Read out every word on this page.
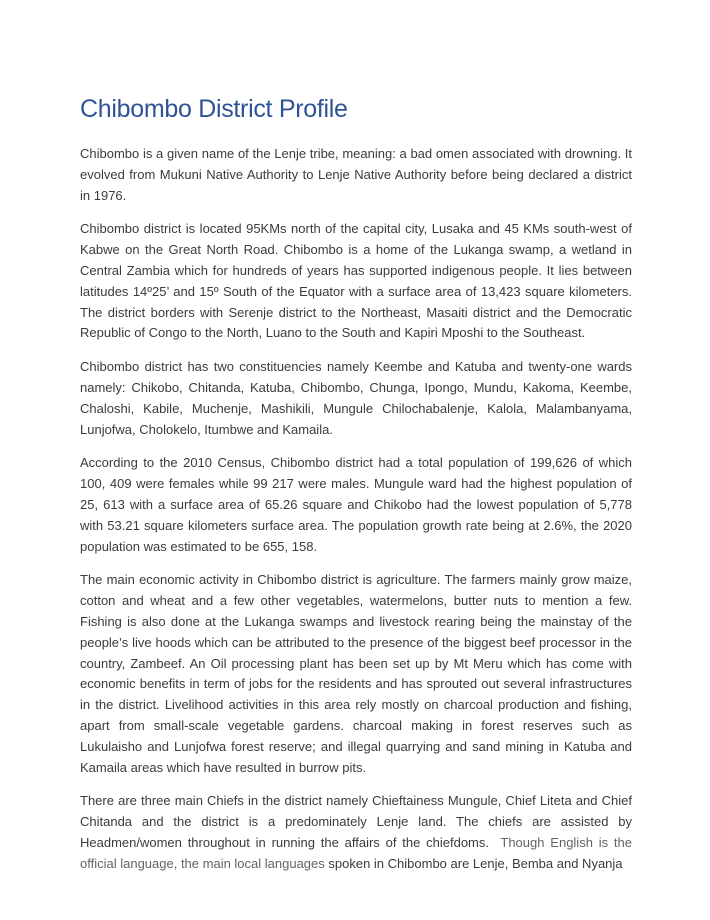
Chibombo District Profile

Chibombo is a given name of the Lenje tribe, meaning: a bad omen associated with drowning. It evolved from Mukuni Native Authority to Lenje Native Authority before being declared a district in 1976.

Chibombo district is located 95KMs north of the capital city, Lusaka and 45 KMs south-west of Kabwe on the Great North Road. Chibombo is a home of the Lukanga swamp, a wetland in Central Zambia which for hundreds of years has supported indigenous people. It lies between latitudes 14º25’ and 15º South of the Equator with a surface area of 13,423 square kilometers. The district borders with Serenje district to the Northeast, Masaiti district and the Democratic Republic of Congo to the North, Luano to the South and Kapiri Mposhi to the Southeast.

Chibombo district has two constituencies namely Keembe and Katuba and twenty-one wards namely: Chikobo, Chitanda, Katuba, Chibombo, Chunga, Ipongo, Mundu, Kakoma, Keembe, Chaloshi, Kabile, Muchenje, Mashikili, Mungule Chilochabalenje, Kalola, Malambanyama, Lunjofwa, Cholokelo, Itumbwe and Kamaila.

According to the 2010 Census, Chibombo district had a total population of 199,626 of which 100, 409 were females while 99 217 were males. Mungule ward had the highest population of 25, 613 with a surface area of 65.26 square and Chikobo had the lowest population of 5,778 with 53.21 square kilometers surface area. The population growth rate being at 2.6%, the 2020 population was estimated to be 655, 158.

The main economic activity in Chibombo district is agriculture. The farmers mainly grow maize, cotton and wheat and a few other vegetables, watermelons, butter nuts to mention a few. Fishing is also done at the Lukanga swamps and livestock rearing being the mainstay of the people’s live hoods which can be attributed to the presence of the biggest beef processor in the country, Zambeef. An Oil processing plant has been set up by Mt Meru which has come with economic benefits in term of jobs for the residents and has sprouted out several infrastructures in the district. Livelihood activities in this area rely mostly on charcoal production and fishing, apart from small-scale vegetable gardens. charcoal making in forest reserves such as Lukulaisho and Lunjofwa forest reserve; and illegal quarrying and sand mining in Katuba and Kamaila areas which have resulted in burrow pits.

There are three main Chiefs in the district namely Chieftainess Mungule, Chief Liteta and Chief Chitanda and the district is a predominately Lenje land. The chiefs are assisted by Headmen/women throughout in running the affairs of the chiefdoms.  Though English is the official language, the main local languages spoken in Chibombo are Lenje, Bemba and Nyanja
